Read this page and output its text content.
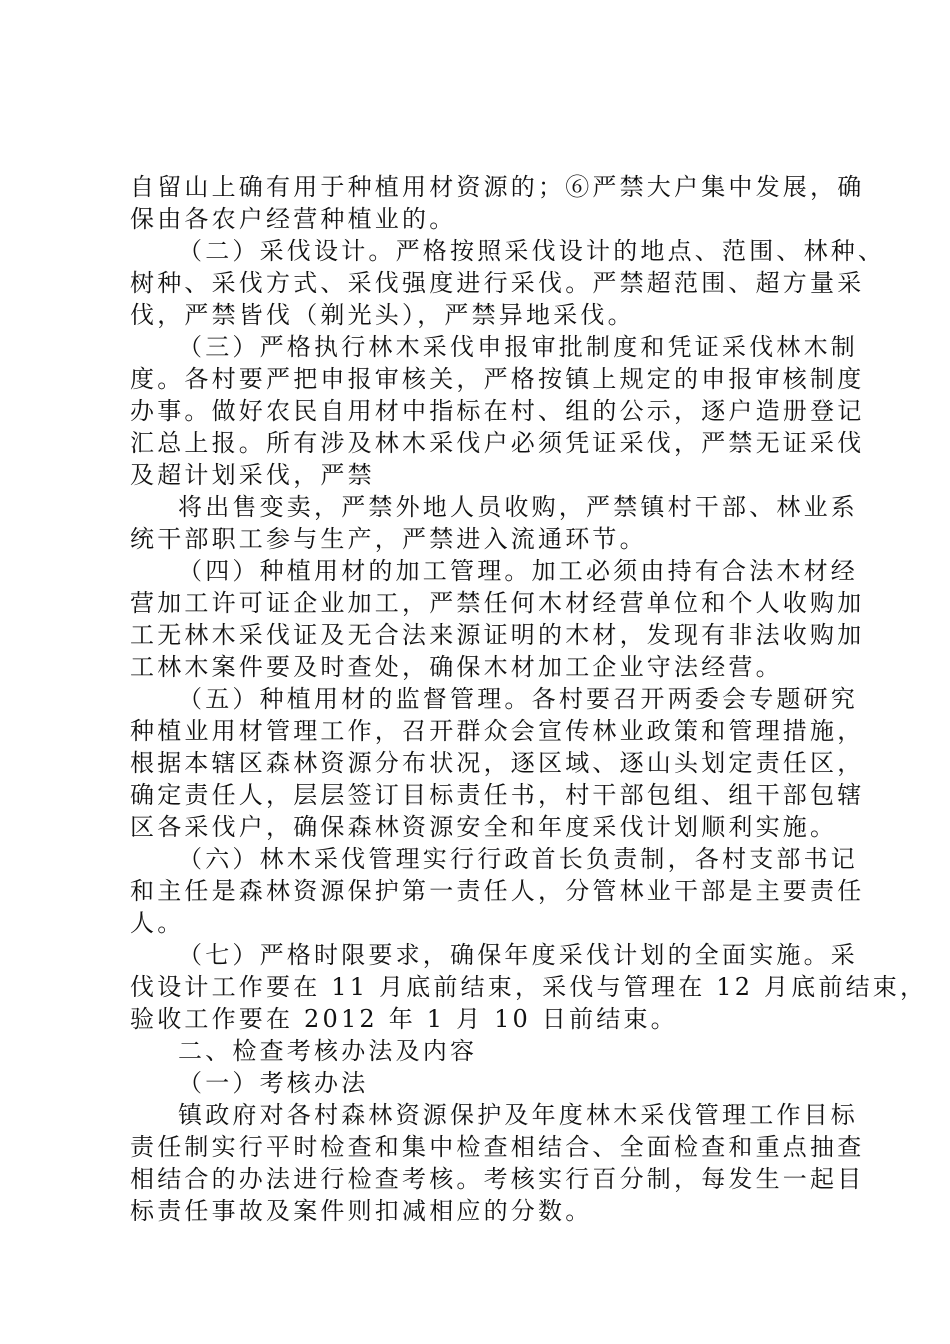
自留山上确有用于种植用材资源的；⑥严禁大户集中发展，确
保由各农户经营种植业的。
（二）采伐设计。严格按照采伐设计的地点、范围、林种、
树种、采伐方式、采伐强度进行采伐。严禁超范围、超方量采
伐，严禁皆伐（剃光头），严禁异地采伐。
（三）严格执行林木采伐申报审批制度和凭证采伐林木制
度。各村要严把申报审核关，严格按镇上规定的申报审核制度
办事。做好农民自用材中指标在村、组的公示，逐户造册登记
汇总上报。所有涉及林木采伐户必须凭证采伐，严禁无证采伐
及超计划采伐，严禁
将出售变卖，严禁外地人员收购，严禁镇村干部、林业系
统干部职工参与生产，严禁进入流通环节。
（四）种植用材的加工管理。加工必须由持有合法木材经
营加工许可证企业加工，严禁任何木材经营单位和个人收购加
工无林木采伐证及无合法来源证明的木材，发现有非法收购加
工林木案件要及时查处，确保木材加工企业守法经营。
（五）种植用材的监督管理。各村要召开两委会专题研究
种植业用材管理工作，召开群众会宣传林业政策和管理措施，
根据本辖区森林资源分布状况，逐区域、逐山头划定责任区，
确定责任人，层层签订目标责任书，村干部包组、组干部包辖
区各采伐户，确保森林资源安全和年度采伐计划顺利实施。
（六）林木采伐管理实行行政首长负责制，各村支部书记
和主任是森林资源保护第一责任人，分管林业干部是主要责任
人。
（七）严格时限要求，确保年度采伐计划的全面实施。采
伐设计工作要在 11 月底前结束，采伐与管理在 12 月底前结束，
验收工作要在 2012 年 1 月 10 日前结束。
二、检查考核办法及内容
（一）考核办法
镇政府对各村森林资源保护及年度林木采伐管理工作目标
责任制实行平时检查和集中检查相结合、全面检查和重点抽查
相结合的办法进行检查考核。考核实行百分制，每发生一起目
标责任事故及案件则扣减相应的分数。
